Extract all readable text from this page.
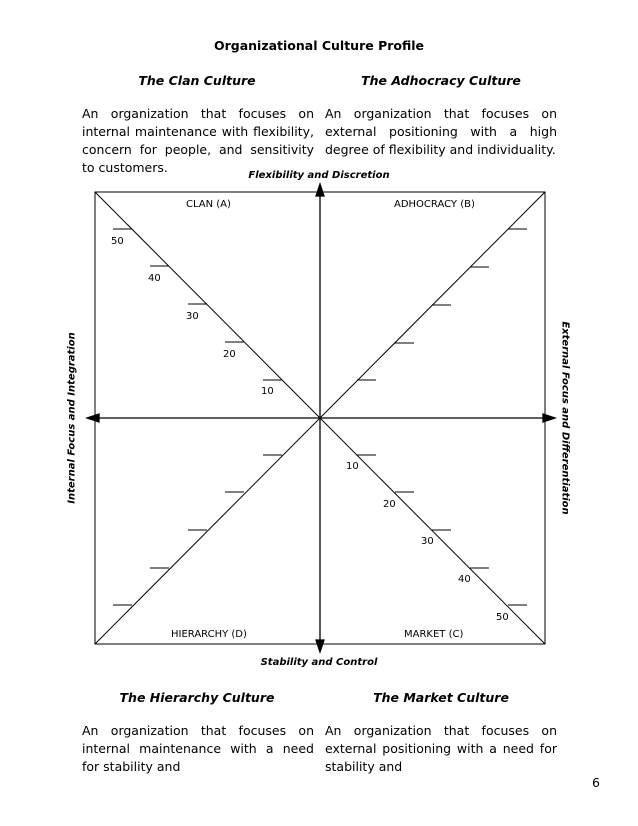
Organizational Culture Profile
The Clan Culture	The Adhocracy Culture
An organization that focuses on internal maintenance with flexibility, concern for people, and sensitivity to customers.
An organization that focuses on external positioning with a high degree of flexibility and individuality.
Flexibility and Discretion
Stability and Control
Internal Focus and Integration	External Focus and Differentiation
CLAN (A)	ADHOCRACY (B)
HIERARCHY (D)	MARKET (C)
50
40
30
20
10
10
20
30
40
50
The Hierarchy Culture	The Market Culture
An organization that focuses on internal maintenance with a need for stability and
An organization that focuses on external positioning with a need for stability and
6
